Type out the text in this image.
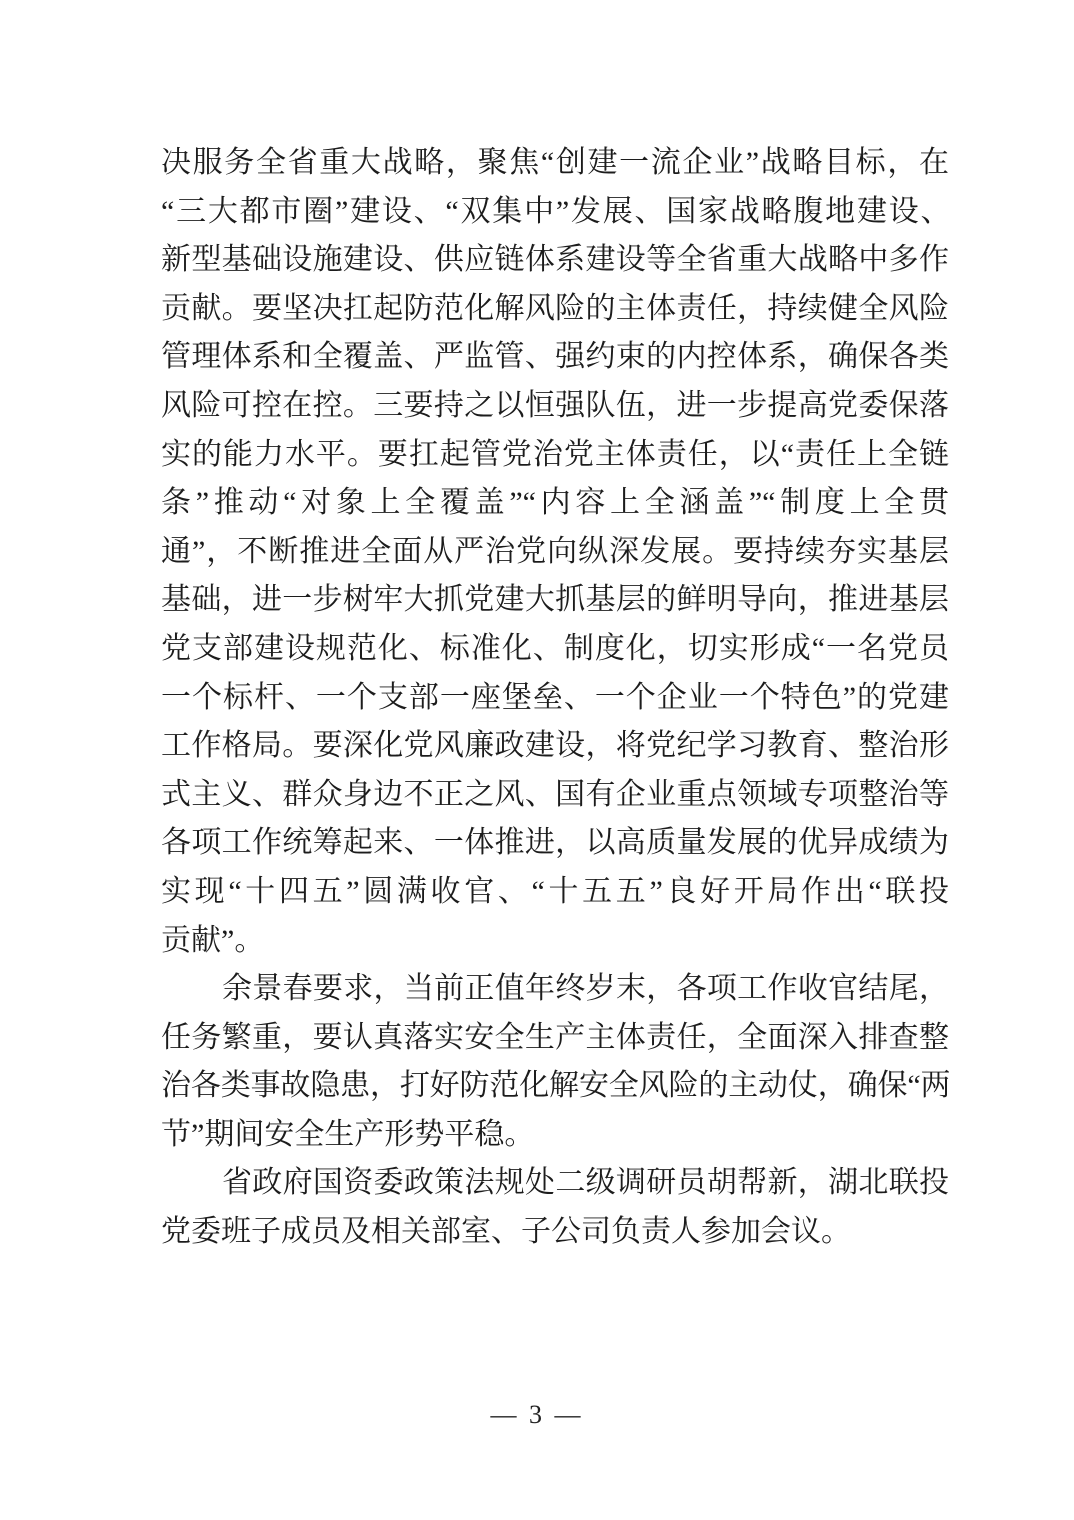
决服务全省重大战略，聚焦“创建一流企业”战略目标，在
“三大都市圈”建设、“双集中”发展、国家战略腹地建设、
新型基础设施建设、供应链体系建设等全省重大战略中多作
贡献。要坚决扛起防范化解风险的主体责任，持续健全风险
管理体系和全覆盖、严监管、强约束的内控体系，确保各类
风险可控在控。三要持之以恒强队伍，进一步提高党委保落
实的能力水平。要扛起管党治党主体责任，以“责任上全链
条”推动“对象上全覆盖”“内容上全涵盖”“制度上全贯
通”，不断推进全面从严治党向纵深发展。要持续夯实基层
基础，进一步树牢大抓党建大抓基层的鲜明导向，推进基层
党支部建设规范化、标准化、制度化，切实形成“一名党员
一个标杆、一个支部一座堡垒、一个企业一个特色”的党建
工作格局。要深化党风廉政建设，将党纪学习教育、整治形
式主义、群众身边不正之风、国有企业重点领域专项整治等
各项工作统筹起来、一体推进，以高质量发展的优异成绩为
实现“十四五”圆满收官、“十五五”良好开局作出“联投
贡献”。
余景春要求，当前正值年终岁末，各项工作收官结尾，
任务繁重，要认真落实安全生产主体责任，全面深入排查整
治各类事故隐患，打好防范化解安全风险的主动仗，确保“两
节”期间安全生产形势平稳。
省政府国资委政策法规处二级调研员胡帮新，湖北联投
党委班子成员及相关部室、子公司负责人参加会议。
— 3 —
